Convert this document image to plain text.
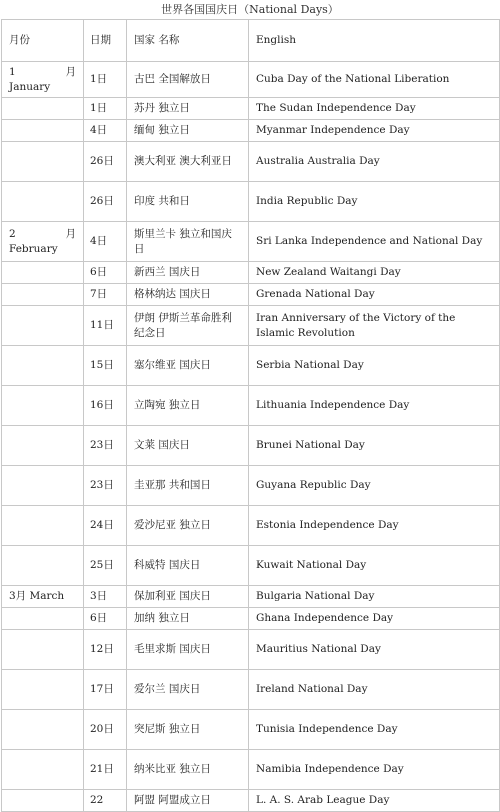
世界各国国庆日（National Days）
月份	日期	国家 名称	English

1 月
January	1日	古巴 全国解放日	Cuba Day of the National Liberation
	1日	苏丹 独立日	The Sudan Independence Day
	4日	缅甸 独立日	Myanmar Independence Day
	26日	澳大利亚 澳大利亚日	Australia Australia Day
	26日	印度 共和日	India Republic Day

2 月
February	4日	斯里兰卡 独立和国庆日	Sri Lanka Independence and National Day
	6日	新西兰 国庆日	New Zealand Waitangi Day
	7日	格林纳达 国庆日	Grenada National Day
	11日	伊朗 伊斯兰革命胜利纪念日	Iran Anniversary of the Victory of the Islamic Revolution
	15日	塞尔维亚 国庆日	Serbia National Day
	16日	立陶宛 独立日	Lithuania Independence Day
	23日	文莱 国庆日	Brunei National Day
	23日	圭亚那 共和国日	Guyana Republic Day
	24日	爱沙尼亚 独立日	Estonia Independence Day
	25日	科威特 国庆日	Kuwait National Day
3月 March	3日	保加利亚 国庆日	Bulgaria National Day
	6日	加纳 独立日	Ghana Independence Day
	12日	毛里求斯 国庆日	Mauritius National Day
	17日	爱尔兰 国庆日	Ireland National Day
	20日	突尼斯 独立日	Tunisia Independence Day
	21日	纳米比亚 独立日	Namibia Independence Day
	22	阿盟 阿盟成立日	L. A. S. Arab League Day
